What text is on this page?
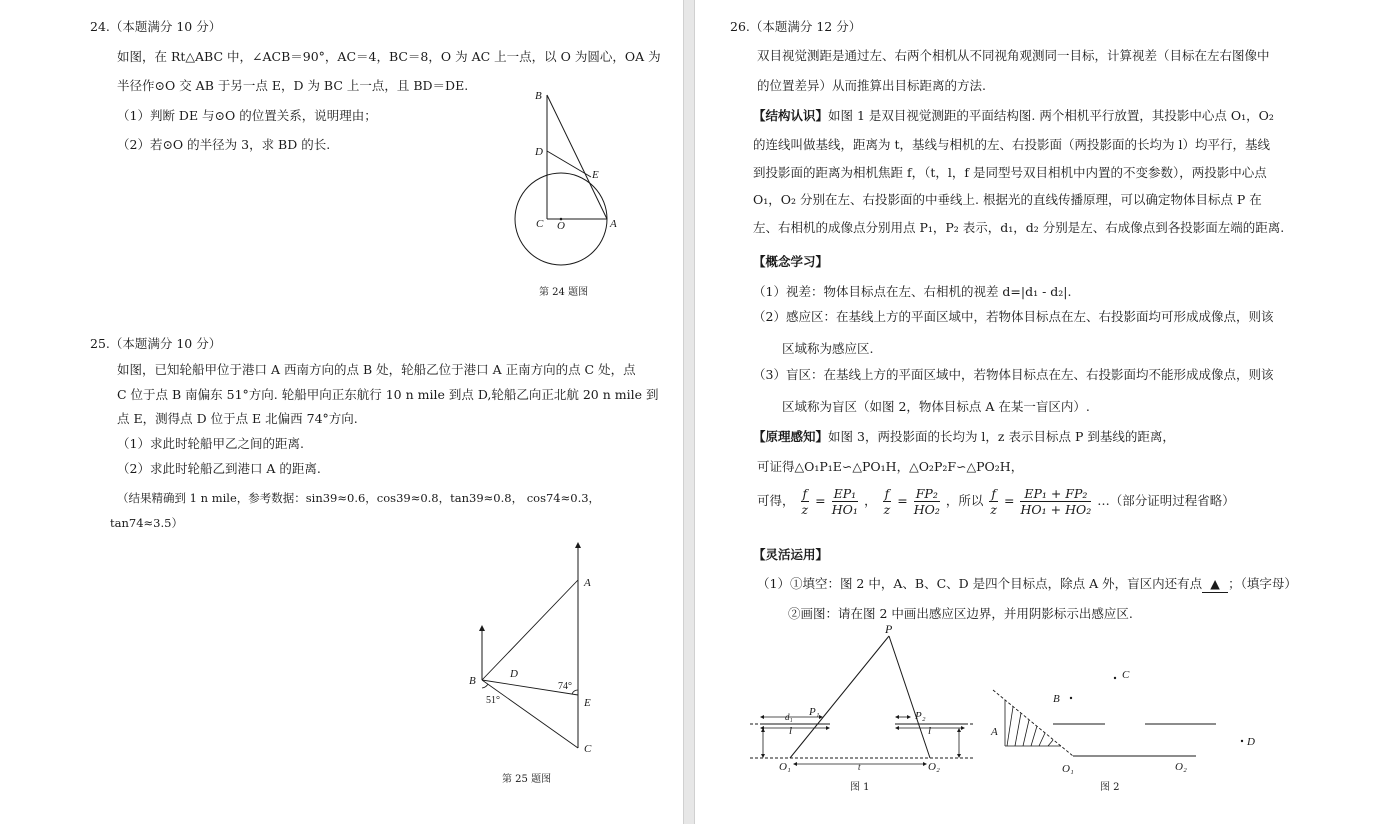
24.（本题满分 10 分）
如图，在 Rt△ABC 中，∠ACB＝90°，AC＝4，BC＝8，O 为 AC 上一点，以 O 为圆心，OA 为
半径作⊙O 交 AB 于另一点 E，D 为 BC 上一点，且 BD＝DE.
（1）判断 DE 与⊙O 的位置关系，说明理由；
（2）若⊙O 的半径为 3，求 BD 的长.
B
D
E
C O	A
第 24 题图
25.（本题满分 10 分）
如图，已知轮船甲位于港口 A 西南方向的点 B 处，轮船乙位于港口 A 正南方向的点 C 处，点
C 位于点 B 南偏东 51°方向. 轮船甲向正东航行 10 n mile 到点 D,轮船乙向正北航 20 n mile 到
点 E，测得点 D 位于点 E 北偏西 74°方向.
（1）求此时轮船甲乙之间的距离.
（2）求此时轮船乙到港口 A 的距离.
（结果精确到 1 n mile，参考数据：sin39≈0.6，cos39≈0.8，tan39≈0.8， cos74≈0.3，
tan74≈3.5）
A
B
D
E
C
51°
74°
第 25 题图
26.（本题满分 12 分）
双目视觉测距是通过左、右两个相机从不同视角观测同一目标，计算视差（目标在左右图像中
的位置差异）从而推算出目标距离的方法.
【结构认识】如图 1 是双目视觉测距的平面结构图. 两个相机平行放置，其投影中心点 O₁，O₂
的连线叫做基线，距离为 t，基线与相机的左、右投影面（两投影面的长均为 l）均平行，基线
到投影面的距离为相机焦距 f，（t，l，f 是同型号双目相机中内置的不变参数），两投影中心点
O₁，O₂ 分别在左、右投影面的中垂线上. 根据光的直线传播原理，可以确定物体目标点 P 在
左、右相机的成像点分别用点 P₁，P₂ 表示，d₁，d₂ 分别是左、右成像点到各投影面左端的距离.
【概念学习】
（1）视差：物体目标点在左、右相机的视差 d=|d₁ - d₂|.
（2）感应区：在基线上方的平面区域中，若物体目标点在左、右投影面均可形成成像点，则该
区域称为感应区.
（3）盲区：在基线上方的平面区域中，若物体目标点在左、右投影面均不能形成成像点，则该
区域称为盲区（如图 2，物体目标点 A 在某一盲区内）.
【原理感知】如图 3，两投影面的长均为 l，z 表示目标点 P 到基线的距离，
可证得△O₁P₁E∽△PO₁H，△O₂P₂F∽△PO₂H，
可得， $\frac{f}{z} = \frac{\text{EP₁}}{\text{HO₁}}$ ， $\frac{f}{z} = \frac{\text{FP₂}}{\text{HO₂}}$ ，所以 $\frac{f}{z} = \frac{\text{EP₁ + FP₂}}{\text{HO₁ + HO₂}}$ …（部分证明过程省略）
【灵活运用】
（1）①填空：图 2 中，A、B、C、D 是四个目标点，除点 A 外，盲区内还有点 ▲ ；（填字母）
②画图：请在图 2 中画出感应区边界，并用阴影标示出感应区.
P
P₁	P₂
d₁
l	l
t
O₁	O₂
图 1
A
B
C
D
O₁	O₂
图 2
